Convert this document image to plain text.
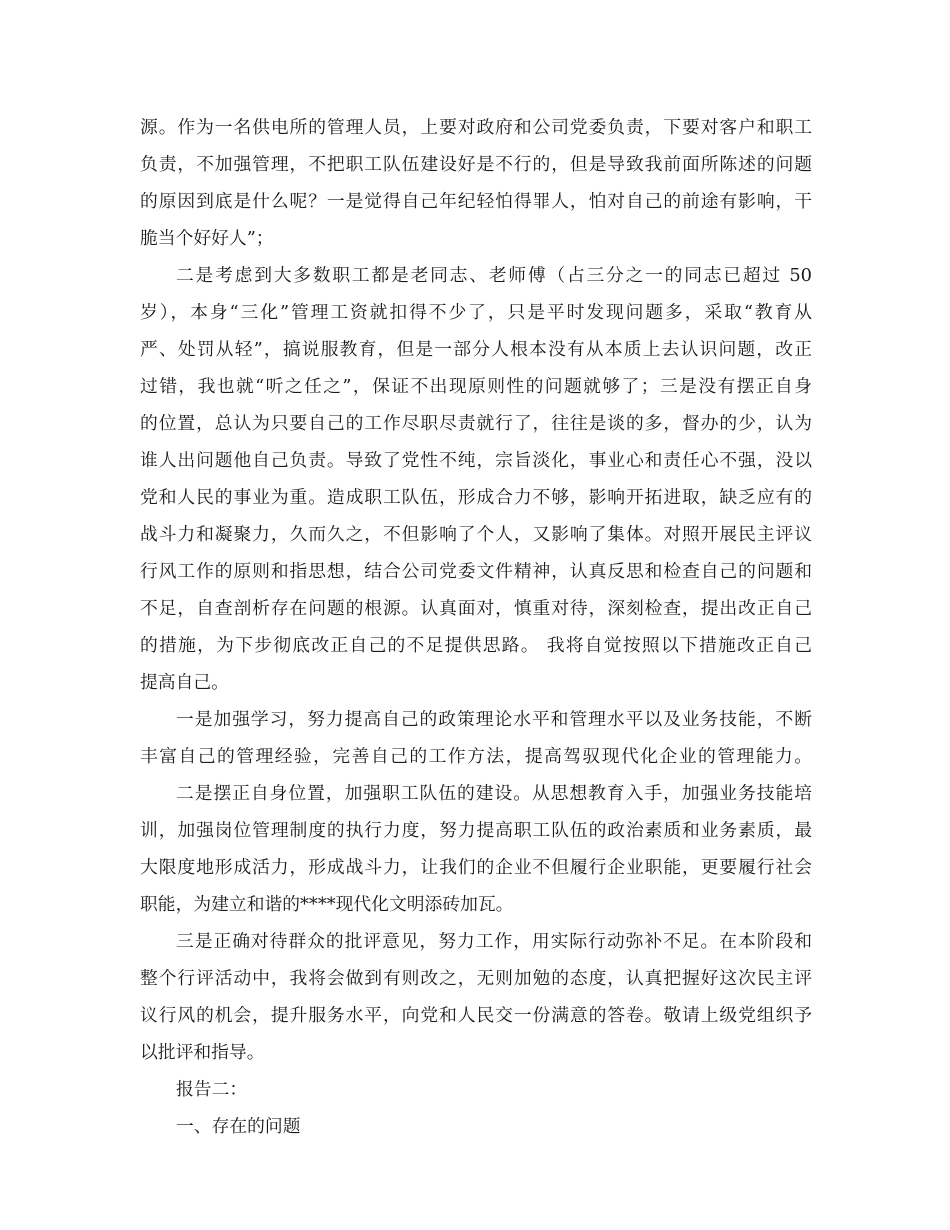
源。作为一名供电所的管理人员，上要对政府和公司党委负责，下要对客户和职工
负责，不加强管理，不把职工队伍建设好是不行的，但是导致我前面所陈述的问题
的原因到底是什么呢？一是觉得自己年纪轻怕得罪人，怕对自己的前途有影响，干
脆当个好好人”；
二是考虑到大多数职工都是老同志、老师傅（占三分之一的同志已超过 50
岁），本身“三化”管理工资就扣得不少了，只是平时发现问题多，采取“教育从
严、处罚从轻”，搞说服教育，但是一部分人根本没有从本质上去认识问题，改正
过错，我也就“听之任之”，保证不出现原则性的问题就够了；三是没有摆正自身
的位置，总认为只要自己的工作尽职尽责就行了，往往是谈的多，督办的少，认为
谁人出问题他自己负责。导致了党性不纯，宗旨淡化，事业心和责任心不强，没以
党和人民的事业为重。造成职工队伍，形成合力不够，影响开拓进取，缺乏应有的
战斗力和凝聚力，久而久之，不但影响了个人，又影响了集体。对照开展民主评议
行风工作的原则和指思想，结合公司党委文件精神，认真反思和检查自己的问题和
不足，自查剖析存在问题的根源。认真面对，慎重对待，深刻检查，提出改正自己
的措施，为下步彻底改正自己的不足提供思路。 我将自觉按照以下措施改正自己
提高自己。
一是加强学习，努力提高自己的政策理论水平和管理水平以及业务技能，不断
丰富自己的管理经验，完善自己的工作方法，提高驾驭现代化企业的管理能力。
二是摆正自身位置，加强职工队伍的建设。从思想教育入手，加强业务技能培
训，加强岗位管理制度的执行力度，努力提高职工队伍的政治素质和业务素质，最
大限度地形成活力，形成战斗力，让我们的企业不但履行企业职能，更要履行社会
职能，为建立和谐的****现代化文明添砖加瓦。
三是正确对待群众的批评意见，努力工作，用实际行动弥补不足。在本阶段和
整个行评活动中，我将会做到有则改之，无则加勉的态度，认真把握好这次民主评
议行风的机会，提升服务水平，向党和人民交一份满意的答卷。敬请上级党组织予
以批评和指导。
报告二：
一、存在的问题
